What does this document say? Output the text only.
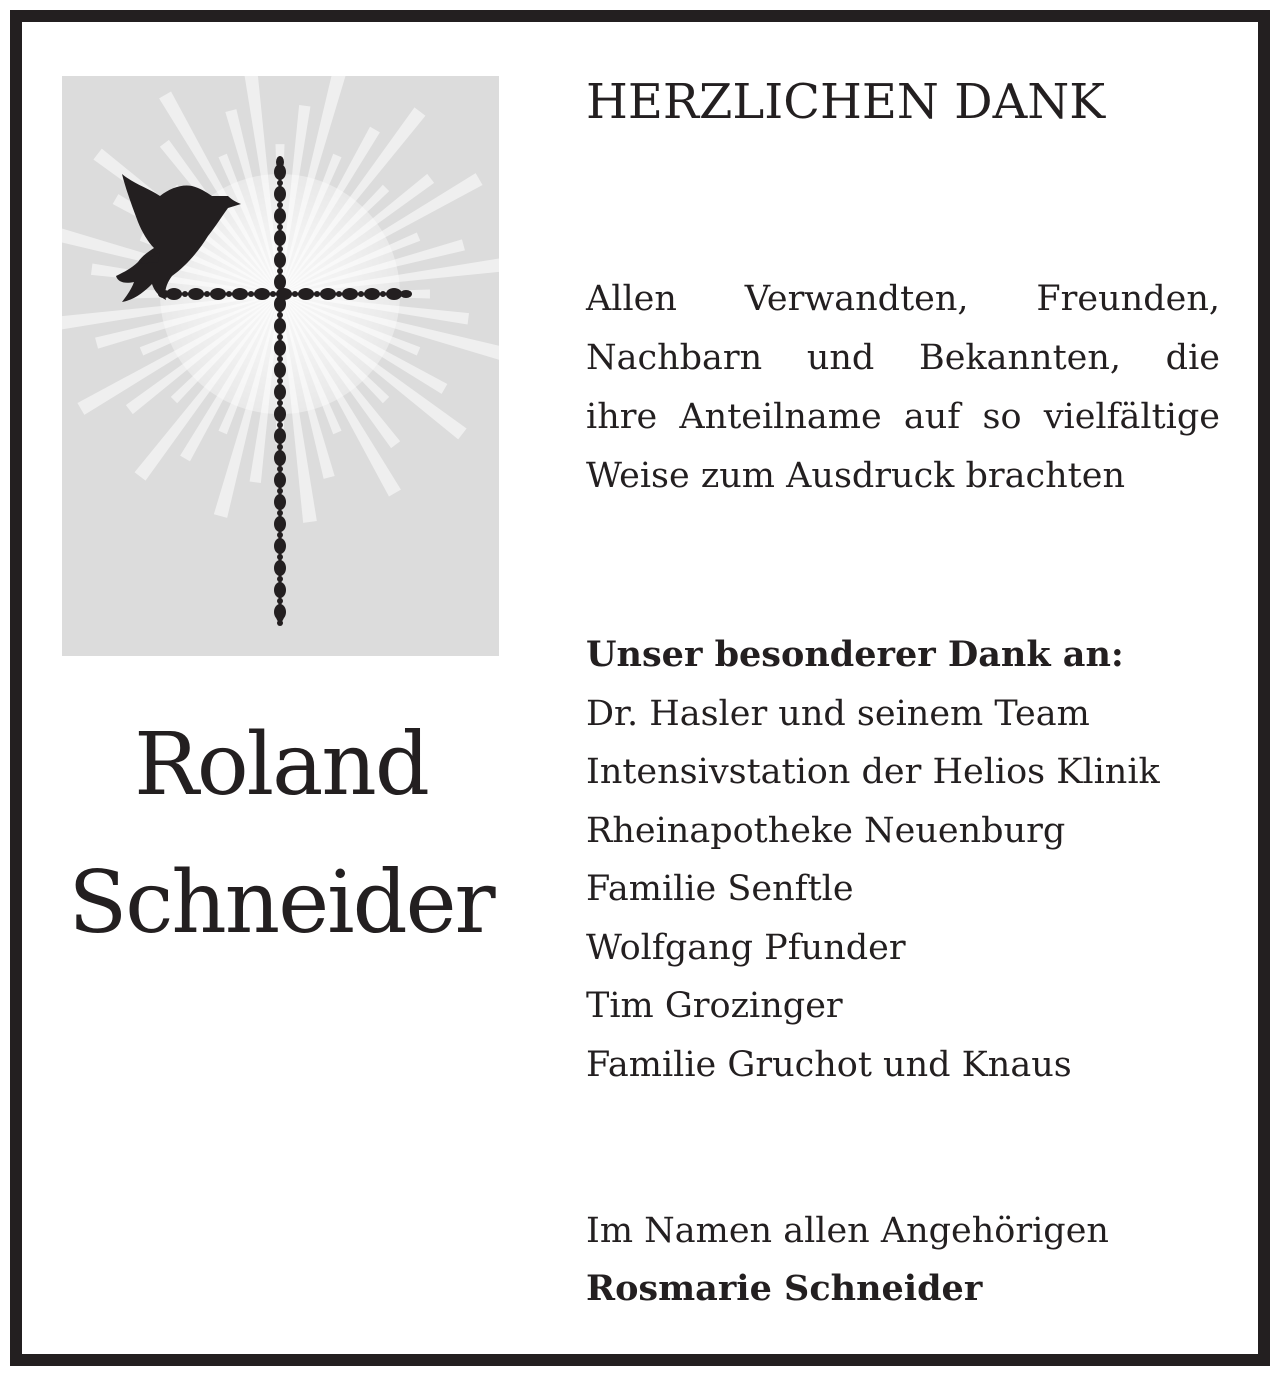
Roland
Schneider
HERZLICHEN DANK
Allen Verwandten, Freunden,
Nachbarn und Bekannten, die
ihre Anteilname auf so vielfältige
Weise zum Ausdruck brachten
Unser besonderer Dank an:
Dr. Hasler und seinem Team
Intensivstation der Helios Klinik
Rheinapotheke Neuenburg
Familie Senftle
Wolfgang Pfunder
Tim Grozinger
Familie Gruchot und Knaus
Im Namen allen Angehörigen
Rosmarie Schneider
